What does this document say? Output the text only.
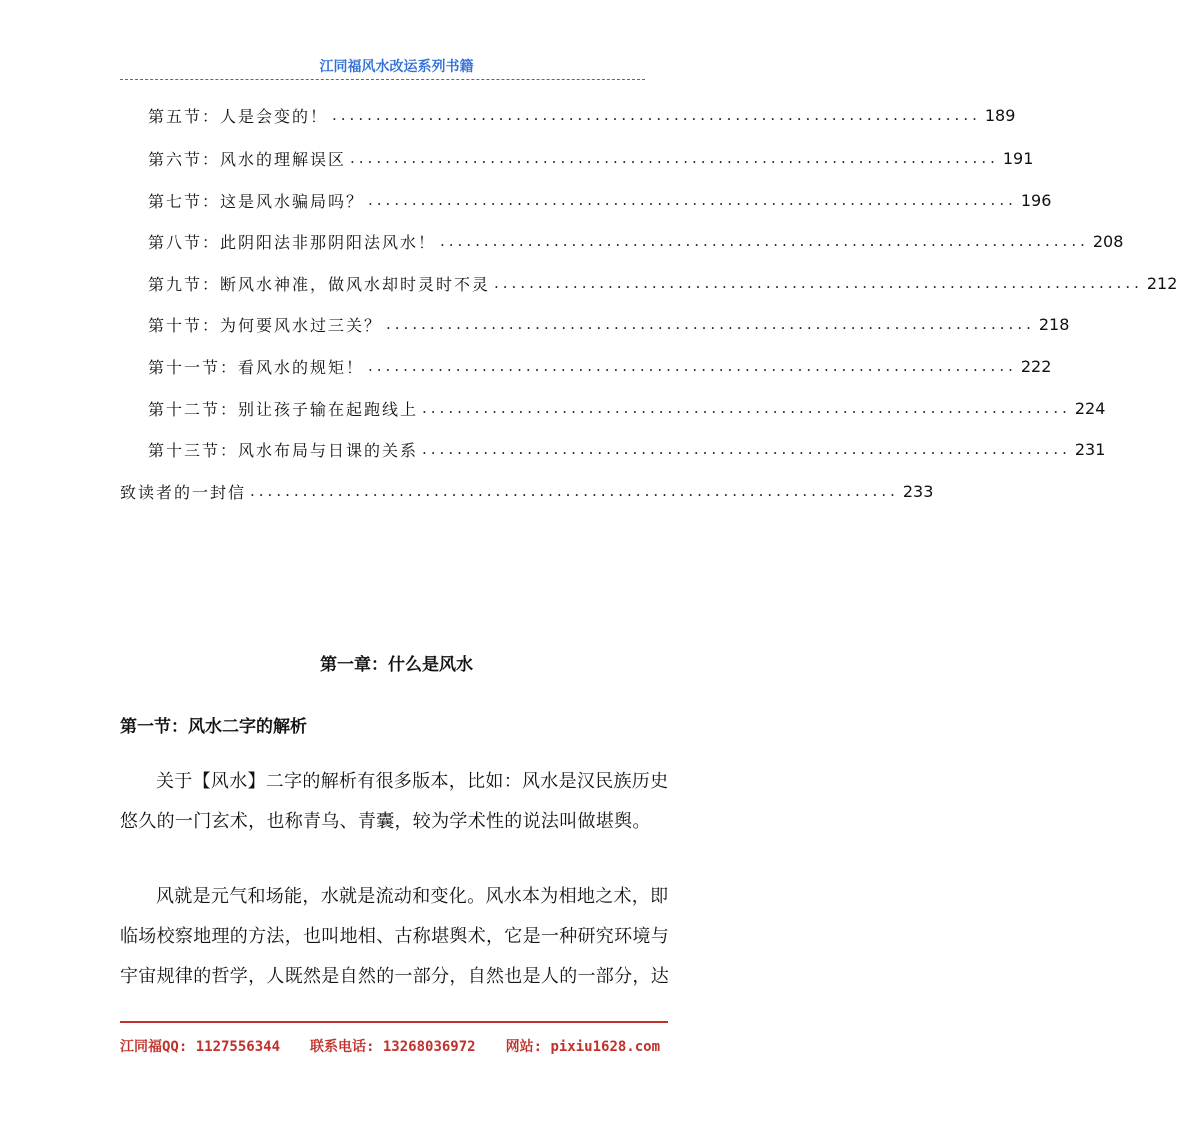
江同福风水改运系列书籍
第五节：人是会变的！ .......................................................................... 189
第六节：风水的理解误区 .......................................................................... 191
第七节：这是风水骗局吗？ .......................................................................... 196
第八节：此阴阳法非那阴阳法风水！ .......................................................................... 208
第九节：断风水神准，做风水却时灵时不灵 .......................................................................... 212
第十节：为何要风水过三关？ .......................................................................... 218
第十一节：看风水的规矩！ .......................................................................... 222
第十二节：别让孩子输在起跑线上 .......................................................................... 224
第十三节：风水布局与日课的关系 .......................................................................... 231
致读者的一封信 .......................................................................... 233
第一章：什么是风水
第一节：风水二字的解析
关于【风水】二字的解析有很多版本，比如：风水是汉民族历史
悠久的一门玄术，也称青乌、青囊，较为学术性的说法叫做堪舆。
风就是元气和场能，水就是流动和变化。风水本为相地之术，即
临场校察地理的方法，也叫地相、古称堪舆术，它是一种研究环境与
宇宙规律的哲学，人既然是自然的一部分，自然也是人的一部分，达
江同福QQ: 1127556344 联系电话: 13268036972 网站: pixiu1628.com
